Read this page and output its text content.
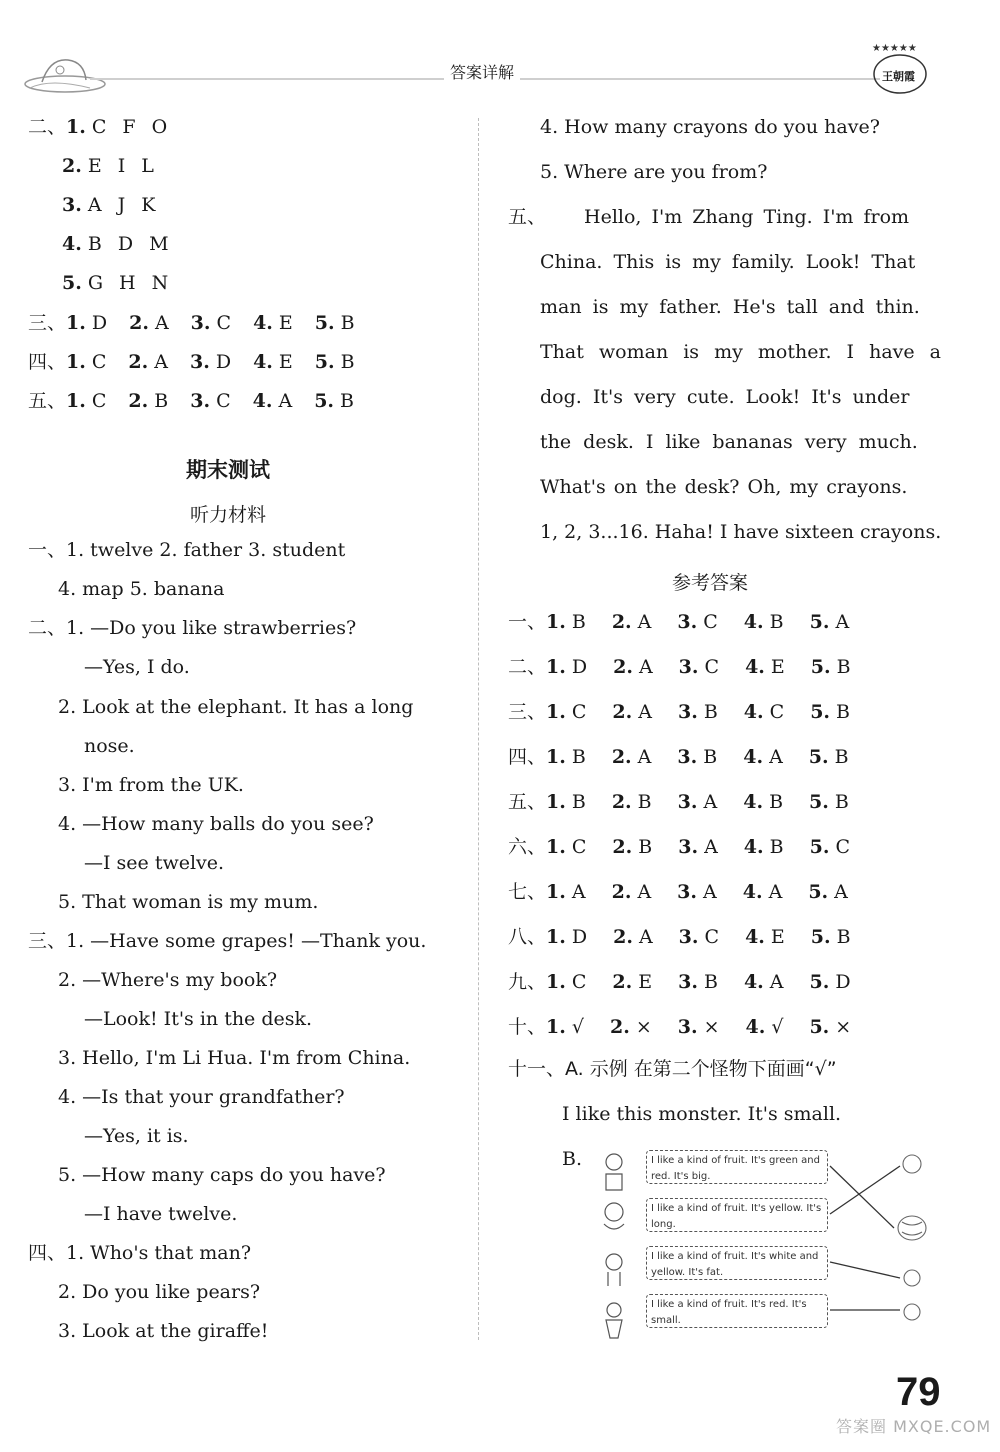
答案详解
★★★★★
王朝霞
二、1. C F O
2. E I L
3. A J K
4. B D M
5. G H N
三、1. D 2. A 3. C 4. E 5. B
四、1. C 2. A 3. D 4. E 5. B
五、1. C 2. B 3. C 4. A 5. B
期末测试
听力材料
一、1. twelve 2. father 3. student
4. map 5. banana
二、1. —Do you like strawberries?
—Yes, I do.
2. Look at the elephant. It has a long
nose.
3. I'm from the UK.
4. —How many balls do you see?
—I see twelve.
5. That woman is my mum.
三、1. —Have some grapes! —Thank you.
2. —Where's my book?
—Look! It's in the desk.
3. Hello, I'm Li Hua. I'm from China.
4. —Is that your grandfather?
—Yes, it is.
5. —How many caps do you have?
—I have twelve.
四、1. Who's that man?
2. Do you like pears?
3. Look at the giraffe!
4. How many crayons do you have?
5. Where are you from?
五、 Hello, I'm Zhang Ting. I'm from
China. This is my family. Look! That
man is my father. He's tall and thin.
That woman is my mother. I have a
dog. It's very cute. Look! It's under
the desk. I like bananas very much.
What's on the desk? Oh, my crayons.
1, 2, 3...16. Haha! I have sixteen crayons.
参考答案
一、1. B 2. A 3. C 4. B 5. A
二、1. D 2. A 3. C 4. E 5. B
三、1. C 2. A 3. B 4. C 5. B
四、1. B 2. A 3. B 4. A 5. B
五、1. B 2. B 3. A 4. B 5. B
六、1. C 2. B 3. A 4. B 5. C
七、1. A 2. A 3. A 4. A 5. A
八、1. D 2. A 3. C 4. E 5. B
九、1. C 2. E 3. B 4. A 5. D
十、1. √ 2. × 3. × 4. √ 5. ×
十一、A. 示例 在第二个怪物下面画“√”
I like this monster. It's small.
B.	I like a kind of fruit. It's green and red. It's big.
I like a kind of fruit. It's yellow. It's long.
I like a kind of fruit. It's white and yellow. It's fat.
I like a kind of fruit. It's red. It's small.
79
答案圈 MXQE.COM
